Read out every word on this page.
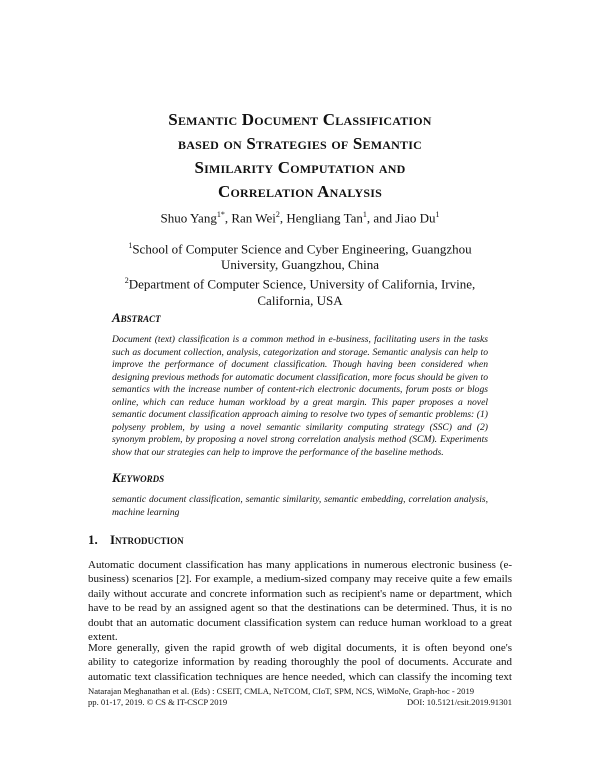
Semantic Document Classification
based on Strategies of Semantic
Similarity Computation and
Correlation Analysis
Shuo Yang$^{1*}$, Ran Wei$^2$, Hengliang Tan$^1$, and Jiao Du$^1$
$^1$School of Computer Science and Cyber Engineering, Guangzhou University, Guangzhou, China
$^2$Department of Computer Science, University of California, Irvine, California, USA
Abstract
Document (text) classification is a common method in e-business, facilitating users in the tasks such as document collection, analysis, categorization and storage. Semantic analysis can help to improve the performance of document classification. Though having been considered when designing previous methods for automatic document classification, more focus should be given to semantics with the increase number of content-rich electronic documents, forum posts or blogs online, which can reduce human workload by a great margin. This paper proposes a novel semantic document classification approach aiming to resolve two types of semantic problems: (1) polyseny problem, by using a novel semantic similarity computing strategy (SSC) and (2) synonym problem, by proposing a novel strong correlation analysis method (SCM). Experiments show that our strategies can help to improve the performance of the baseline methods.
Keywords
semantic document classification, semantic similarity, semantic embedding, correlation analysis, machine learning
1. Introduction
Automatic document classification has many applications in numerous electronic business (e-business) scenarios [2]. For example, a medium-sized company may receive quite a few emails daily without accurate and concrete information such as recipient's name or department, which have to be read by an assigned agent so that the destinations can be determined. Thus, it is no doubt that an automatic document classification system can reduce human workload to a great extent.
More generally, given the rapid growth of web digital documents, it is often beyond one's ability to categorize information by reading thoroughly the pool of documents. Accurate and automatic text classification techniques are hence needed, which can classify the incoming text
Natarajan Meghanathan et al. (Eds) : CSEIT, CMLA, NeTCOM, CIoT, SPM, NCS, WiMoNe, Graph-hoc - 2019
pp. 01-17, 2019. © CS & IT-CSCP 2019	DOI: 10.5121/csit.2019.91301
